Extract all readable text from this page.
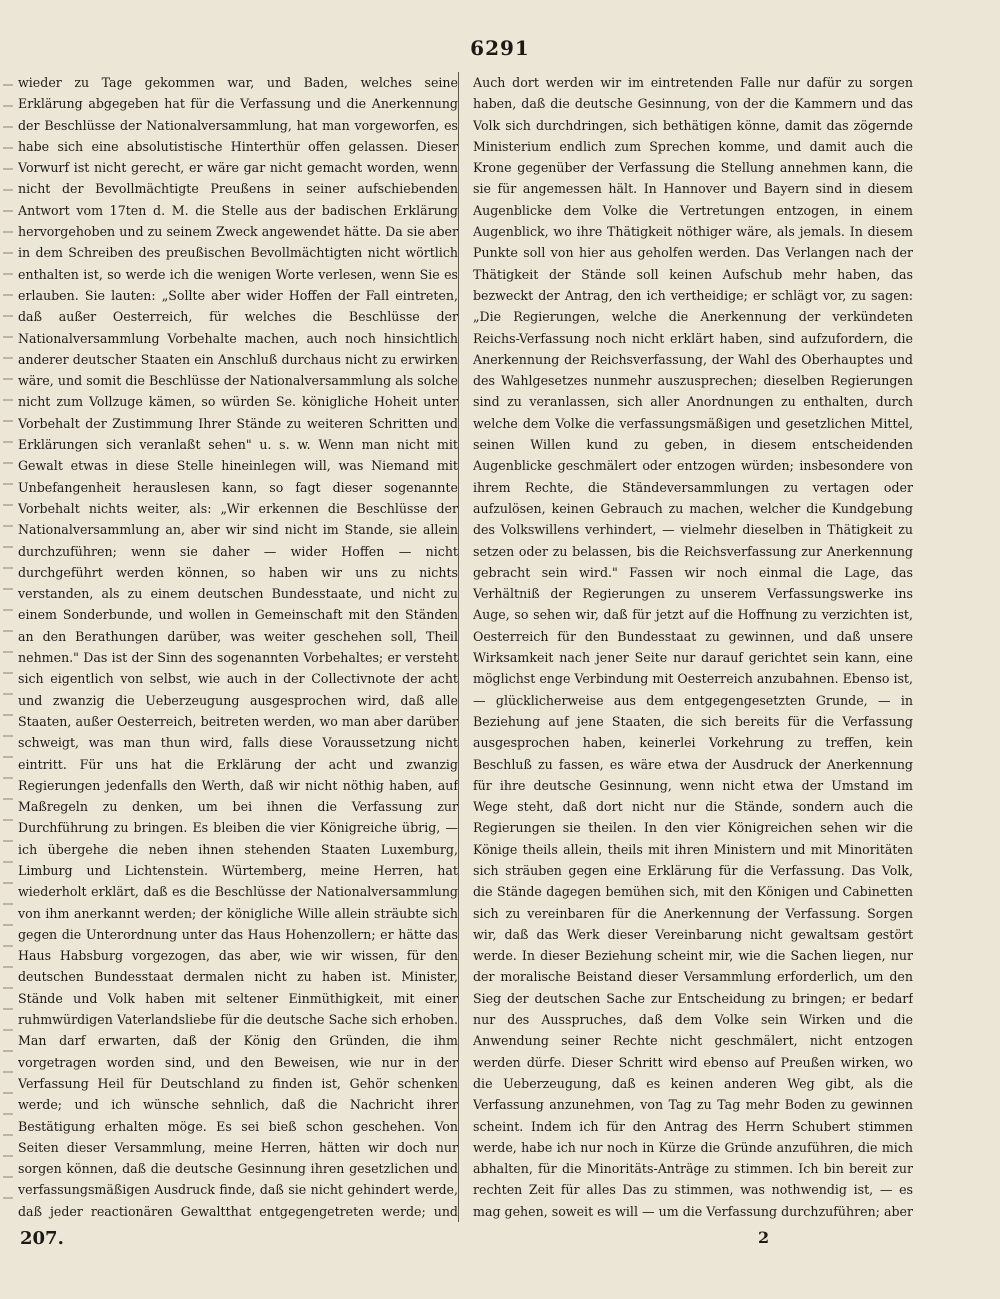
6291

wieder zu Tage gekommen war, und Baden, welches seine Erklärung abgegeben hat für die Verfassung und die Anerkennung der Beschlüsse der Nationalversammlung, hat man vorgeworfen, es habe sich eine absolutistische Hinterthür offen gelassen. Dieser Vorwurf ist nicht gerecht, er wäre gar nicht gemacht worden, wenn nicht der Bevollmächtigte Preußens in seiner aufschiebenden Antwort vom 17ten d. M. die Stelle aus der badischen Erklärung hervorgehoben und zu seinem Zweck angewendet hätte. Da sie aber in dem Schreiben des preußischen Bevollmächtigten nicht wörtlich enthalten ist, so werde ich die wenigen Worte verlesen, wenn Sie es erlauben. Sie lauten: „Sollte aber wider Hoffen der Fall eintreten, daß außer Oesterreich, für welches die Beschlüsse der Nationalversammlung Vorbehalte machen, auch noch hinsichtlich anderer deutscher Staaten ein Anschluß durchaus nicht zu erwirken wäre, und somit die Beschlüsse der Nationalversammlung als solche nicht zum Vollzuge kämen, so würden Se. königliche Hoheit unter Vorbehalt der Zustimmung Ihrer Stände zu weiteren Schritten und Erklärungen sich veranlaßt sehen" u. s. w. Wenn man nicht mit Gewalt etwas in diese Stelle hineinlegen will, was Niemand mit Unbefangenheit herauslesen kann, so fagt dieser sogenannte Vorbehalt nichts weiter, als: „Wir erkennen die Beschlüsse der Nationalversammlung an, aber wir sind nicht im Stande, sie allein durchzuführen; wenn sie daher — wider Hoffen — nicht durchgeführt werden können, so haben wir uns zu nichts verstanden, als zu einem deutschen Bundesstaate, und nicht zu einem Sonderbunde, und wollen in Gemeinschaft mit den Ständen an den Berathungen darüber, was weiter geschehen soll, Theil nehmen." Das ist der Sinn des sogenannten Vorbehaltes; er versteht sich eigentlich von selbst, wie auch in der Collectivnote der acht und zwanzig die Ueberzeugung ausgesprochen wird, daß alle Staaten, außer Oesterreich, beitreten werden, wo man aber darüber schweigt, was man thun wird, falls diese Voraussetzung nicht eintritt. Für uns hat die Erklärung der acht und zwanzig Regierungen jedenfalls den Werth, daß wir nicht nöthig haben, auf Maßregeln zu denken, um bei ihnen die Verfassung zur Durchführung zu bringen. Es bleiben die vier Königreiche übrig, — ich übergehe die neben ihnen stehenden Staaten Luxemburg, Limburg und Lichtenstein. Würtemberg, meine Herren, hat wiederholt erklärt, daß es die Beschlüsse der Nationalversammlung von ihm anerkannt werden; der königliche Wille allein sträubte sich gegen die Unterordnung unter das Haus Hohenzollern; er hätte das Haus Habsburg vorgezogen, das aber, wie wir wissen, für den deutschen Bundesstaat dermalen nicht zu haben ist. Minister, Stände und Volk haben mit seltener Einmüthigkeit, mit einer ruhmwürdigen Vaterlandsliebe für die deutsche Sache sich erhoben. Man darf erwarten, daß der König den Gründen, die ihm vorgetragen worden sind, und den Beweisen, wie nur in der Verfassung Heil für Deutschland zu finden ist, Gehör schenken werde; und ich wünsche sehnlich, daß die Nachricht ihrer Bestätigung erhalten möge. Es sei bieß schon geschehen. Von Seiten dieser Versammlung, meine Herren, hätten wir doch nur sorgen können, daß die deutsche Gesinnung ihren gesetzlichen und verfassungsmäßigen Ausdruck finde, daß sie nicht gehindert werde, daß jeder reactionären Gewaltthat entgegengetreten werde; und

Auch dort werden wir im eintretenden Falle nur dafür zu sorgen haben, daß die deutsche Gesinnung, von der die Kammern und das Volk sich durchdringen, sich bethätigen könne, damit das zögernde Ministerium endlich zum Sprechen komme, und damit auch die Krone gegenüber der Verfassung die Stellung annehmen kann, die sie für angemessen hält. In Hannover und Bayern sind in diesem Augenblicke dem Volke die Vertretungen entzogen, in einem Augenblick, wo ihre Thätigkeit nöthiger wäre, als jemals. In diesem Punkte soll von hier aus geholfen werden. Das Verlangen nach der Thätigkeit der Stände soll keinen Aufschub mehr haben, das bezweckt der Antrag, den ich vertheidige; er schlägt vor, zu sagen: „Die Regierungen, welche die Anerkennung der verkündeten Reichs-Verfassung noch nicht erklärt haben, sind aufzufordern, die Anerkennung der Reichsverfassung, der Wahl des Oberhauptes und des Wahlgesetzes nunmehr auszusprechen; dieselben Regierungen sind zu veranlassen, sich aller Anordnungen zu enthalten, durch welche dem Volke die verfassungsmäßigen und gesetzlichen Mittel, seinen Willen kund zu geben, in diesem entscheidenden Augenblicke geschmälert oder entzogen würden; insbesondere von ihrem Rechte, die Ständeversammlungen zu vertagen oder aufzulösen, keinen Gebrauch zu machen, welcher die Kundgebung des Volkswillens verhindert, — vielmehr dieselben in Thätigkeit zu setzen oder zu belassen, bis die Reichsverfassung zur Anerkennung gebracht sein wird." Fassen wir noch einmal die Lage, das Verhältniß der Regierungen zu unserem Verfassungswerke ins Auge, so sehen wir, daß für jetzt auf die Hoffnung zu verzichten ist, Oesterreich für den Bundesstaat zu gewinnen, und daß unsere Wirksamkeit nach jener Seite nur darauf gerichtet sein kann, eine möglichst enge Verbindung mit Oesterreich anzubahnen. Ebenso ist, — glücklicherweise aus dem entgegengesetzten Grunde, — in Beziehung auf jene Staaten, die sich bereits für die Verfassung ausgesprochen haben, keinerlei Vorkehrung zu treffen, kein Beschluß zu fassen, es wäre etwa der Ausdruck der Anerkennung für ihre deutsche Gesinnung, wenn nicht etwa der Umstand im Wege steht, daß dort nicht nur die Stände, sondern auch die Regierungen sie theilen. In den vier Königreichen sehen wir die Könige theils allein, theils mit ihren Ministern und mit Minoritäten sich sträuben gegen eine Erklärung für die Verfassung. Das Volk, die Stände dagegen bemühen sich, mit den Königen und Cabinetten sich zu vereinbaren für die Anerkennung der Verfassung. Sorgen wir, daß das Werk dieser Vereinbarung nicht gewaltsam gestört werde. In dieser Beziehung scheint mir, wie die Sachen liegen, nur der moralische Beistand dieser Versammlung erforderlich, um den Sieg der deutschen Sache zur Entscheidung zu bringen; er bedarf nur des Ausspruches, daß dem Volke sein Wirken und die Anwendung seiner Rechte nicht geschmälert, nicht entzogen werden dürfe. Dieser Schritt wird ebenso auf Preußen wirken, wo die Ueberzeugung, daß es keinen anderen Weg gibt, als die Verfassung anzunehmen, von Tag zu Tag mehr Boden zu gewinnen scheint. Indem ich für den Antrag des Herrn Schubert stimmen werde, habe ich nur noch in Kürze die Gründe anzuführen, die mich abhalten, für die Minoritäts-Anträge zu stimmen. Ich bin bereit zur rechten Zeit für alles Das zu stimmen, was nothwendig ist, — es mag gehen, soweit es will — um die Verfassung durchzuführen; aber

207.	2
